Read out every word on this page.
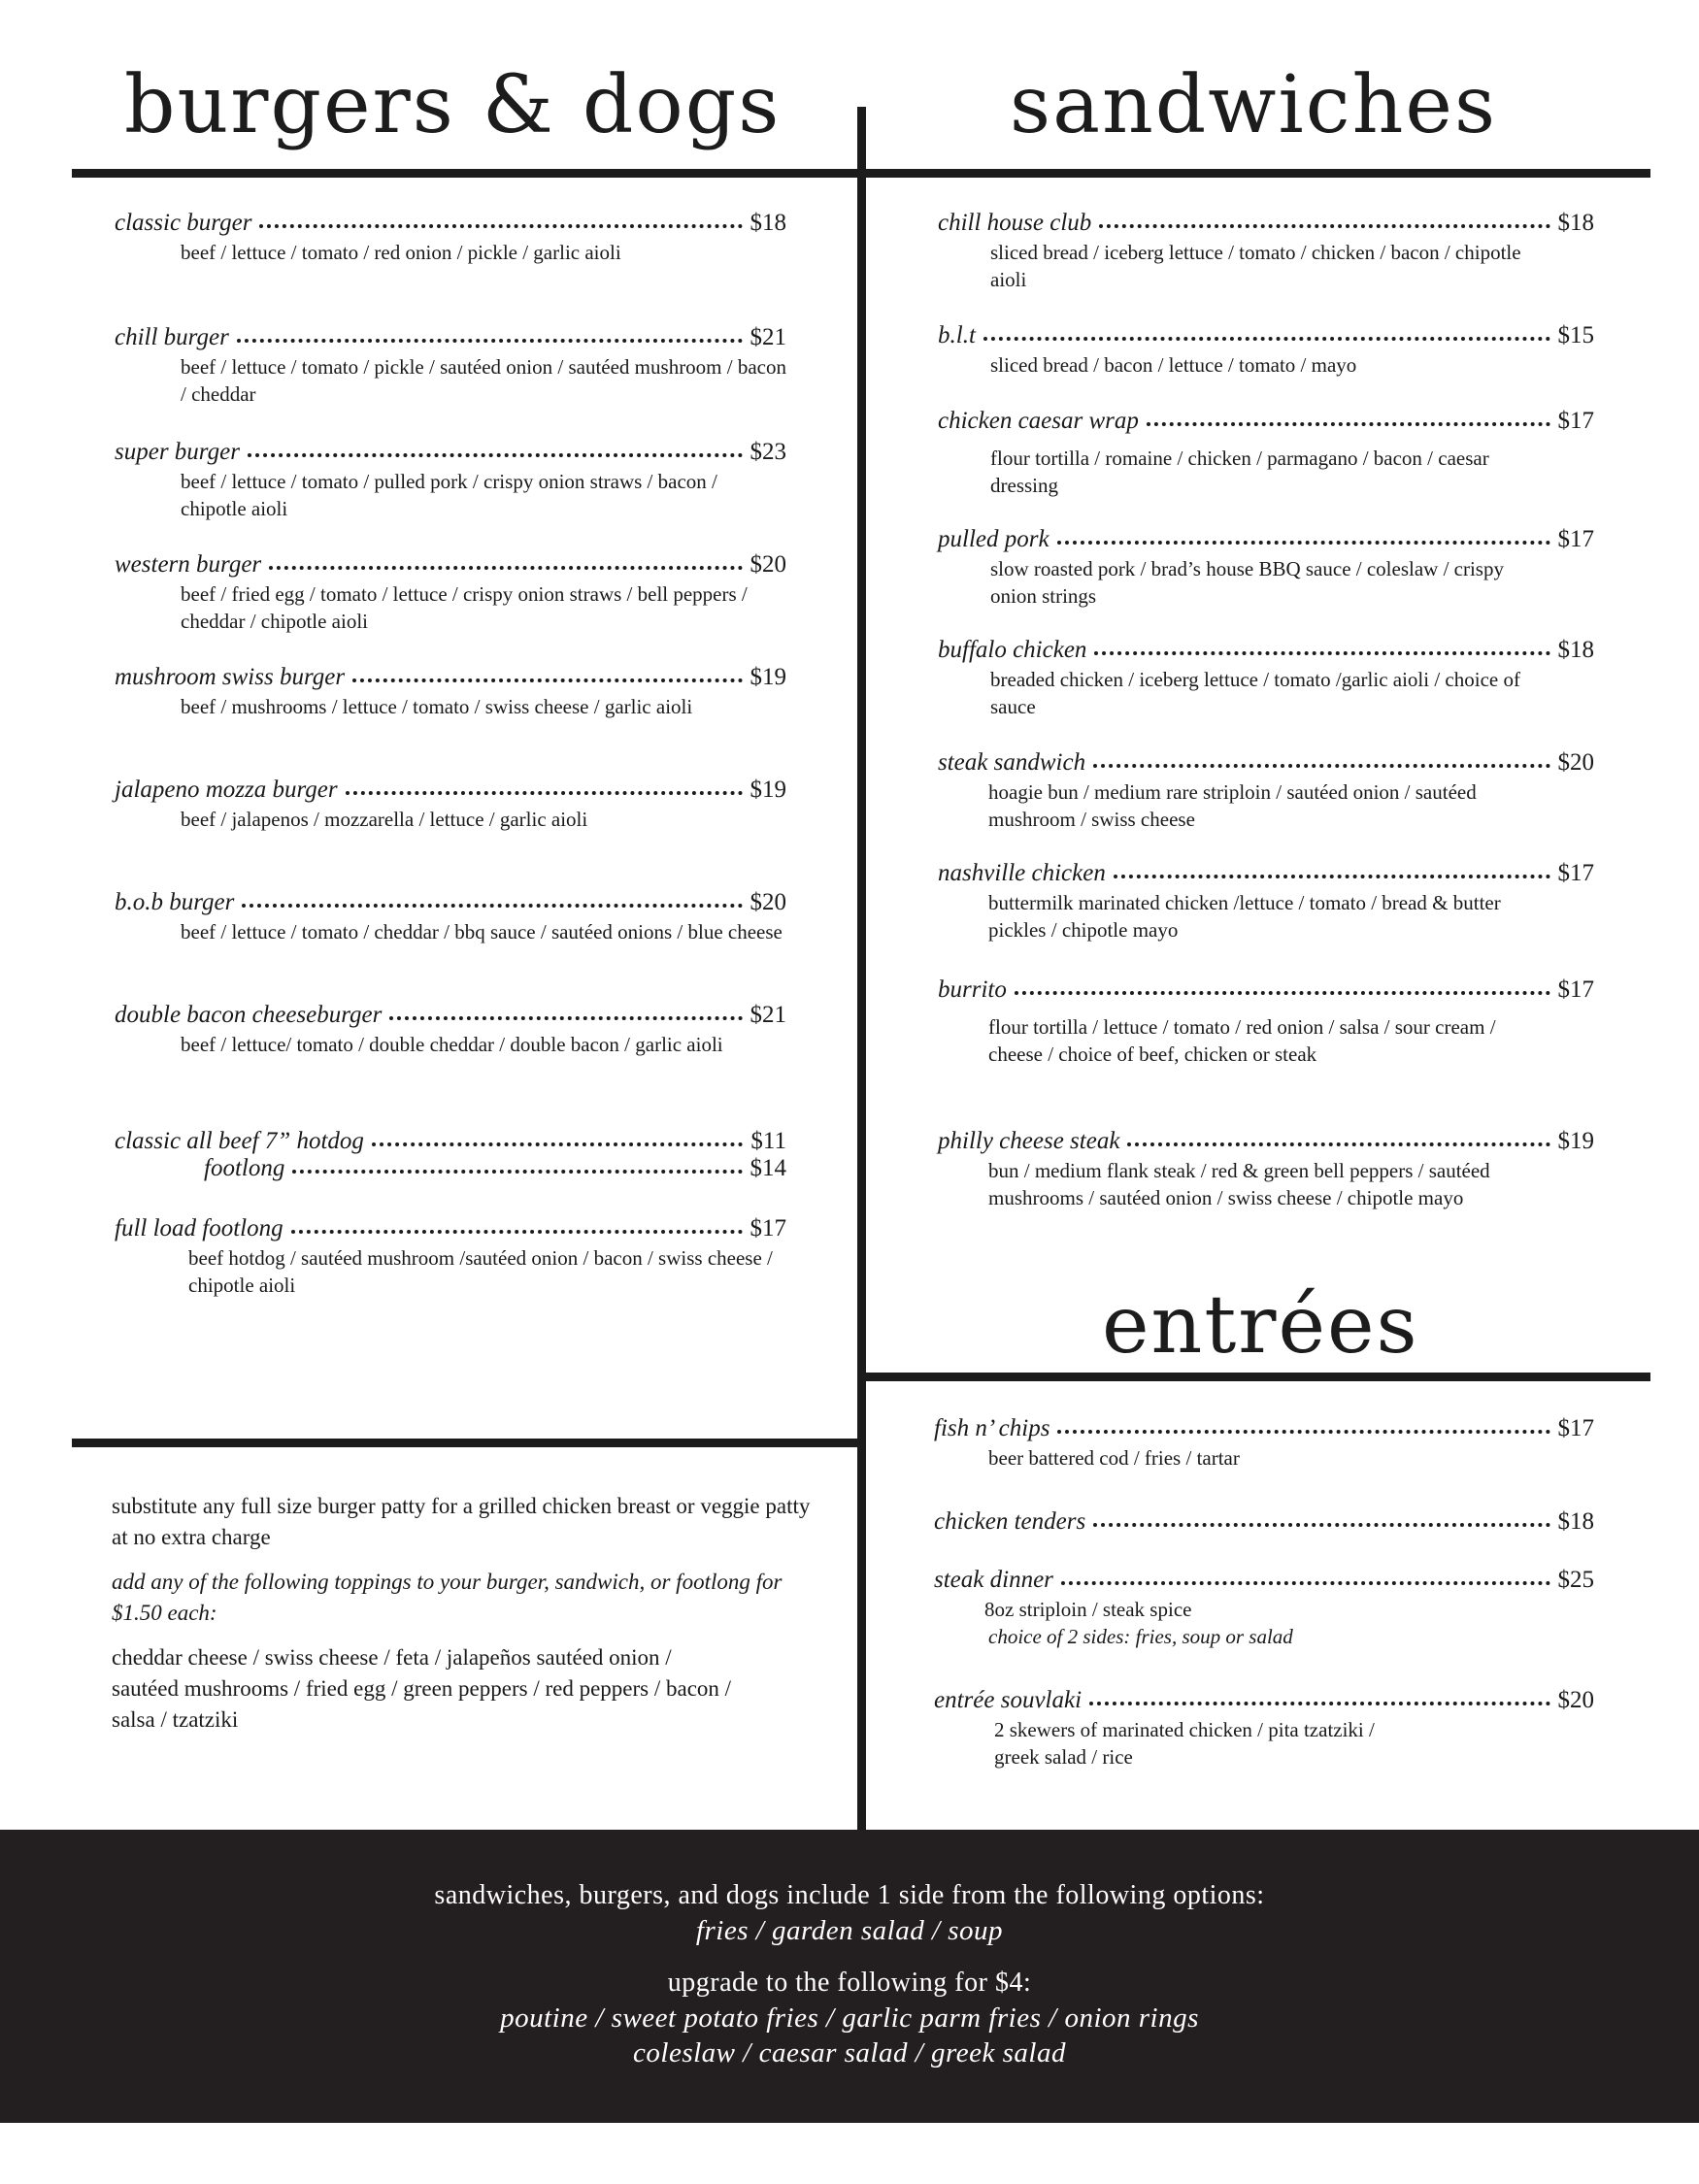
burgers & dogs	sandwiches
entrées
classic burger	$18
beef / lettuce / tomato / red onion / pickle / garlic aioli
chill burger	$21
beef / lettuce / tomato / pickle / sautéed onion / sautéed mushroom / bacon / cheddar
super burger	$23
beef / lettuce / tomato / pulled pork / crispy onion straws / bacon / chipotle aioli
western burger	$20
beef / fried egg / tomato / lettuce / crispy onion straws / bell peppers / cheddar / chipotle aioli
mushroom swiss burger	$19
beef / mushrooms / lettuce / tomato / swiss cheese / garlic aioli
jalapeno mozza burger	$19
beef / jalapenos / mozzarella / lettuce / garlic aioli
b.o.b burger	$20
beef / lettuce / tomato / cheddar / bbq sauce / sautéed onions / blue cheese
double bacon cheeseburger	$21
beef / lettuce/ tomato / double cheddar / double bacon / garlic aioli
classic all beef 7” hotdog	$11
footlong	$14
full load footlong	$17
beef hotdog / sautéed mushroom /sautéed onion / bacon / swiss cheese / chipotle aioli
chill house club	$18
sliced bread / iceberg lettuce / tomato / chicken / bacon / chipotle aioli
b.l.t	$15
sliced bread / bacon / lettuce / tomato / mayo
chicken caesar wrap	$17
flour tortilla / romaine / chicken / parmagano / bacon / caesar dressing
pulled pork	$17
slow roasted pork / brad’s house BBQ sauce / coleslaw / crispy onion strings
buffalo chicken	$18
breaded chicken / iceberg lettuce / tomato /garlic aioli / choice of sauce
steak sandwich	$20
hoagie bun / medium rare striploin / sautéed onion / sautéed mushroom / swiss cheese
nashville chicken	$17
buttermilk marinated chicken /lettuce / tomato / bread & butter pickles / chipotle mayo
burrito	$17
flour tortilla / lettuce / tomato / red onion / salsa / sour cream / cheese / choice of beef, chicken or steak
philly cheese steak	$19
bun / medium flank steak / red & green bell peppers / sautéed mushrooms / sautéed onion / swiss cheese / chipotle mayo
fish n’ chips	$17
beer battered cod / fries / tartar
chicken tenders	$18
steak dinner	$25
8oz striploin / steak spice
choice of 2 sides: fries, soup or salad
entrée souvlaki	$20
2 skewers of marinated chicken / pita tzatziki / greek salad / rice

substitute any full size burger patty for a grilled chicken breast or veggie patty at no extra charge

add any of the following toppings to your burger, sandwich, or footlong for $1.50 each:

cheddar cheese / swiss cheese / feta / jalapeños sautéed onion / sautéed mushrooms / fried egg / green peppers / red peppers / bacon / salsa / tzatziki

sandwiches, burgers, and dogs include 1 side from the following options:
fries / garden salad / soup
upgrade to the following for $4:
poutine / sweet potato fries / garlic parm fries / onion rings
coleslaw / caesar salad / greek salad
